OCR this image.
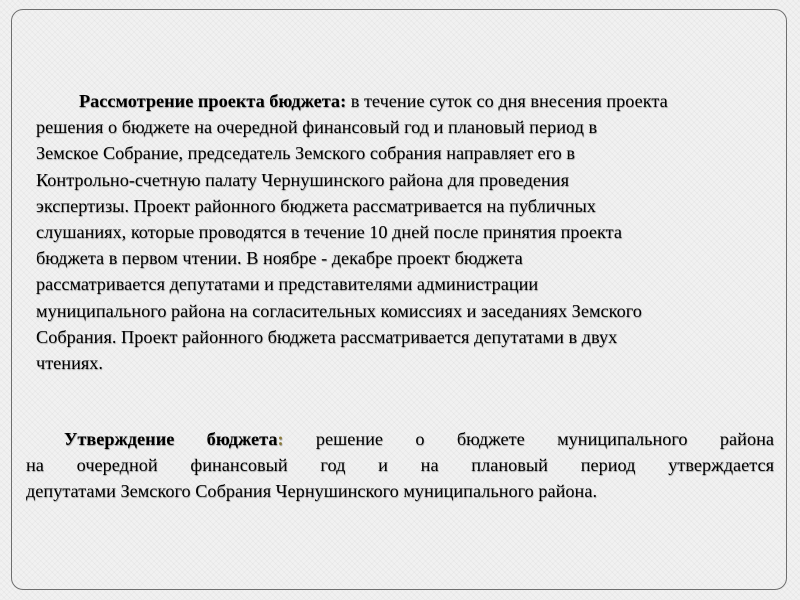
Рассмотрение проекта бюджета: в течение суток со дня внесения проекта
решения о бюджете на очередной финансовый год и плановый период в
Земское Собрание, председатель Земского собрания направляет его в
Контрольно-счетную палату Чернушинского района для проведения
экспертизы. Проект районного бюджета рассматривается на публичных
слушаниях, которые проводятся в течение 10 дней после принятия проекта
бюджета в первом чтении. В ноябре - декабре проект бюджета
рассматривается депутатами и представителями администрации
муниципального района на согласительных комиссиях и заседаниях Земского
Собрания. Проект районного бюджета рассматривается депутатами в двух
чтениях.
Утверждение бюджета: решение о бюджете муниципального района
на очередной финансовый год и на плановый период утверждается
депутатами Земского Собрания Чернушинского муниципального района.
